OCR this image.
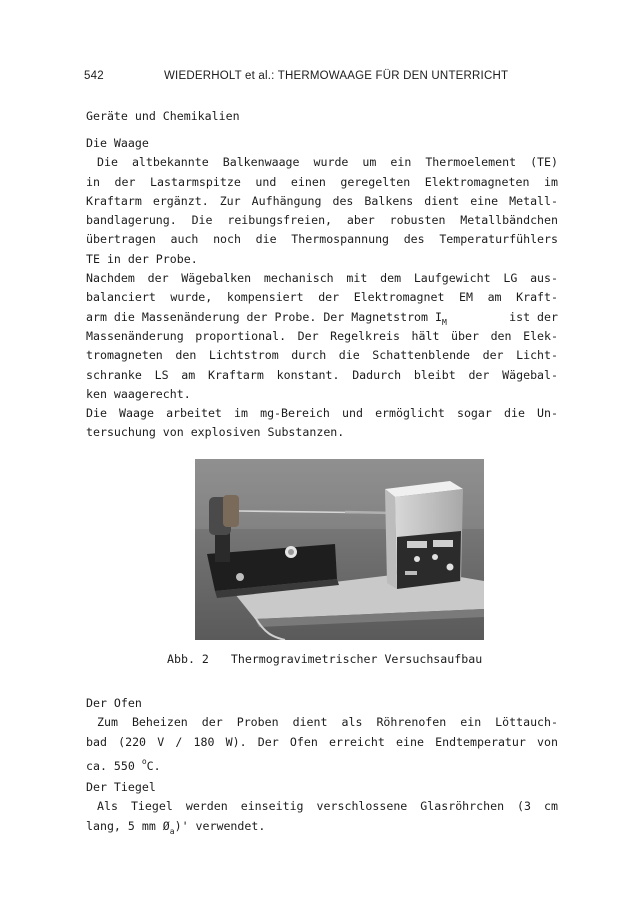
542	WIEDERHOLT et al.: THERMOWAAGE FÜR DEN UNTERRICHT
Geräte und Chemikalien
Die Waage
Die altbekannte Balkenwaage wurde um ein Thermoelement (TE)
in der Lastarmspitze und einen geregelten Elektromagneten im
Kraftarm ergänzt. Zur Aufhängung des Balkens dient eine Metall-
bandlagerung. Die reibungsfreien, aber robusten Metallbändchen
übertragen auch noch die Thermospannung des Temperaturfühlers
TE in der Probe.
Nachdem der Wägebalken mechanisch mit dem Laufgewicht LG aus-
balanciert wurde, kompensiert der Elektromagnet EM am Kraft-
arm die Massenänderung der Probe. Der Magnetstrom $I_M$	ist der
Massenänderung proportional. Der Regelkreis hält über den Elek-
tromagneten den Lichtstrom durch die Schattenblende der Licht-
schranke LS am Kraftarm konstant. Dadurch bleibt der Wägebal-
ken waagerecht.
Die Waage arbeitet im mg-Bereich und ermöglicht sogar die Un-
tersuchung von explosiven Substanzen.
Abb. 2 Thermogravimetrischer Versuchsaufbau
Der Ofen
Zum Beheizen der Proben dient als Röhrenofen ein Löttauch-
bad (220 V / 180 W). Der Ofen erreicht eine Endtemperatur von
ca. 550 $^o$C.
Der Tiegel
Als Tiegel werden einseitig verschlossene Glasröhrchen (3 cm
lang, 5 mm $Ø_a)'$ verwendet.
